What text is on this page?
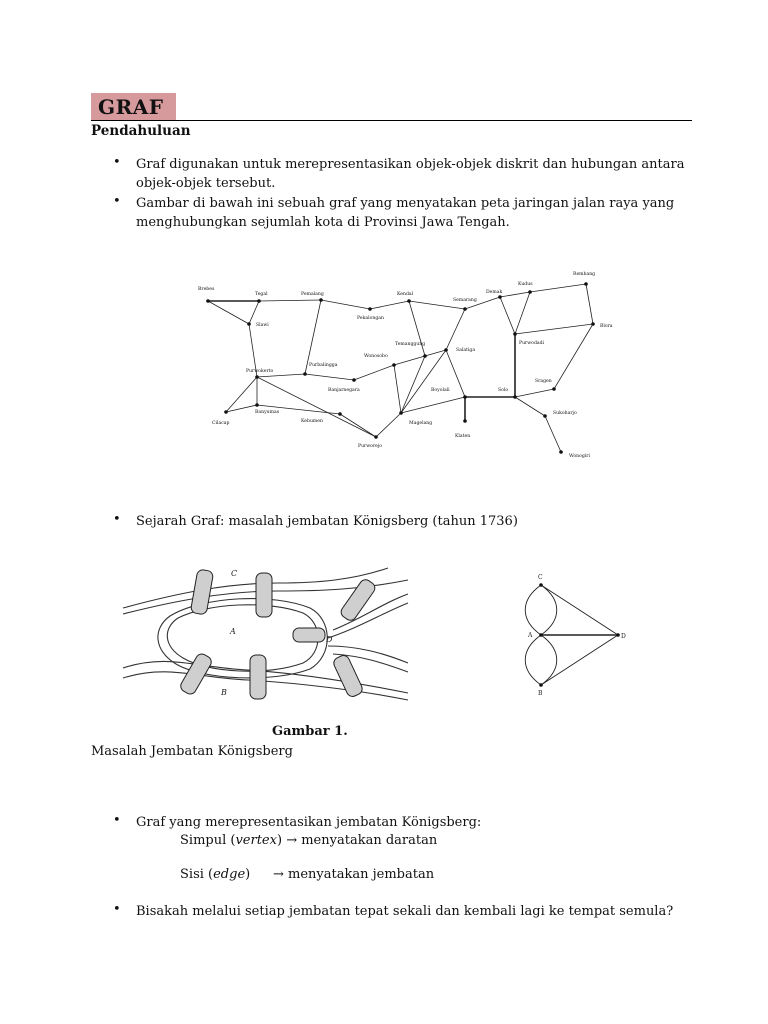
GRAF
Pendahuluan
• Graf digunakan untuk merepresentasikan objek-objek diskrit dan hubungan antara
objek-objek tersebut.
• Gambar di bawah ini sebuah graf yang menyatakan peta jaringan jalan raya yang
menghubungkan sejumlah kota di Provinsi Jawa Tengah.
Brebes
Tegal	Pemalang	Kendal
Semarang
Demak
Kudus
Rembang
Slawi
Pekalongan
Blora
Purwodadi
Purwokerto
Purbalingga
Temanggung
Wonosobo
Salatiga
Banjarnegara	Boyolali	Solo
Sragen
Cilacap
Banyumas
Kebumen	Magelang
Klaten
Sukoharjo
Purworejo
Wonogiri
• Sejarah Graf: masalah jembatan Königsberg (tahun 1736)
C
A
D
B
C
A	D
B
Gambar 1.
Masalah Jembatan Königsberg
• Graf yang merepresentasikan jembatan Königsberg:
Simpul (vertex) → menyatakan daratan
Sisi (edge) → menyatakan jembatan
• Bisakah melalui setiap jembatan tepat sekali dan kembali lagi ke tempat semula?
